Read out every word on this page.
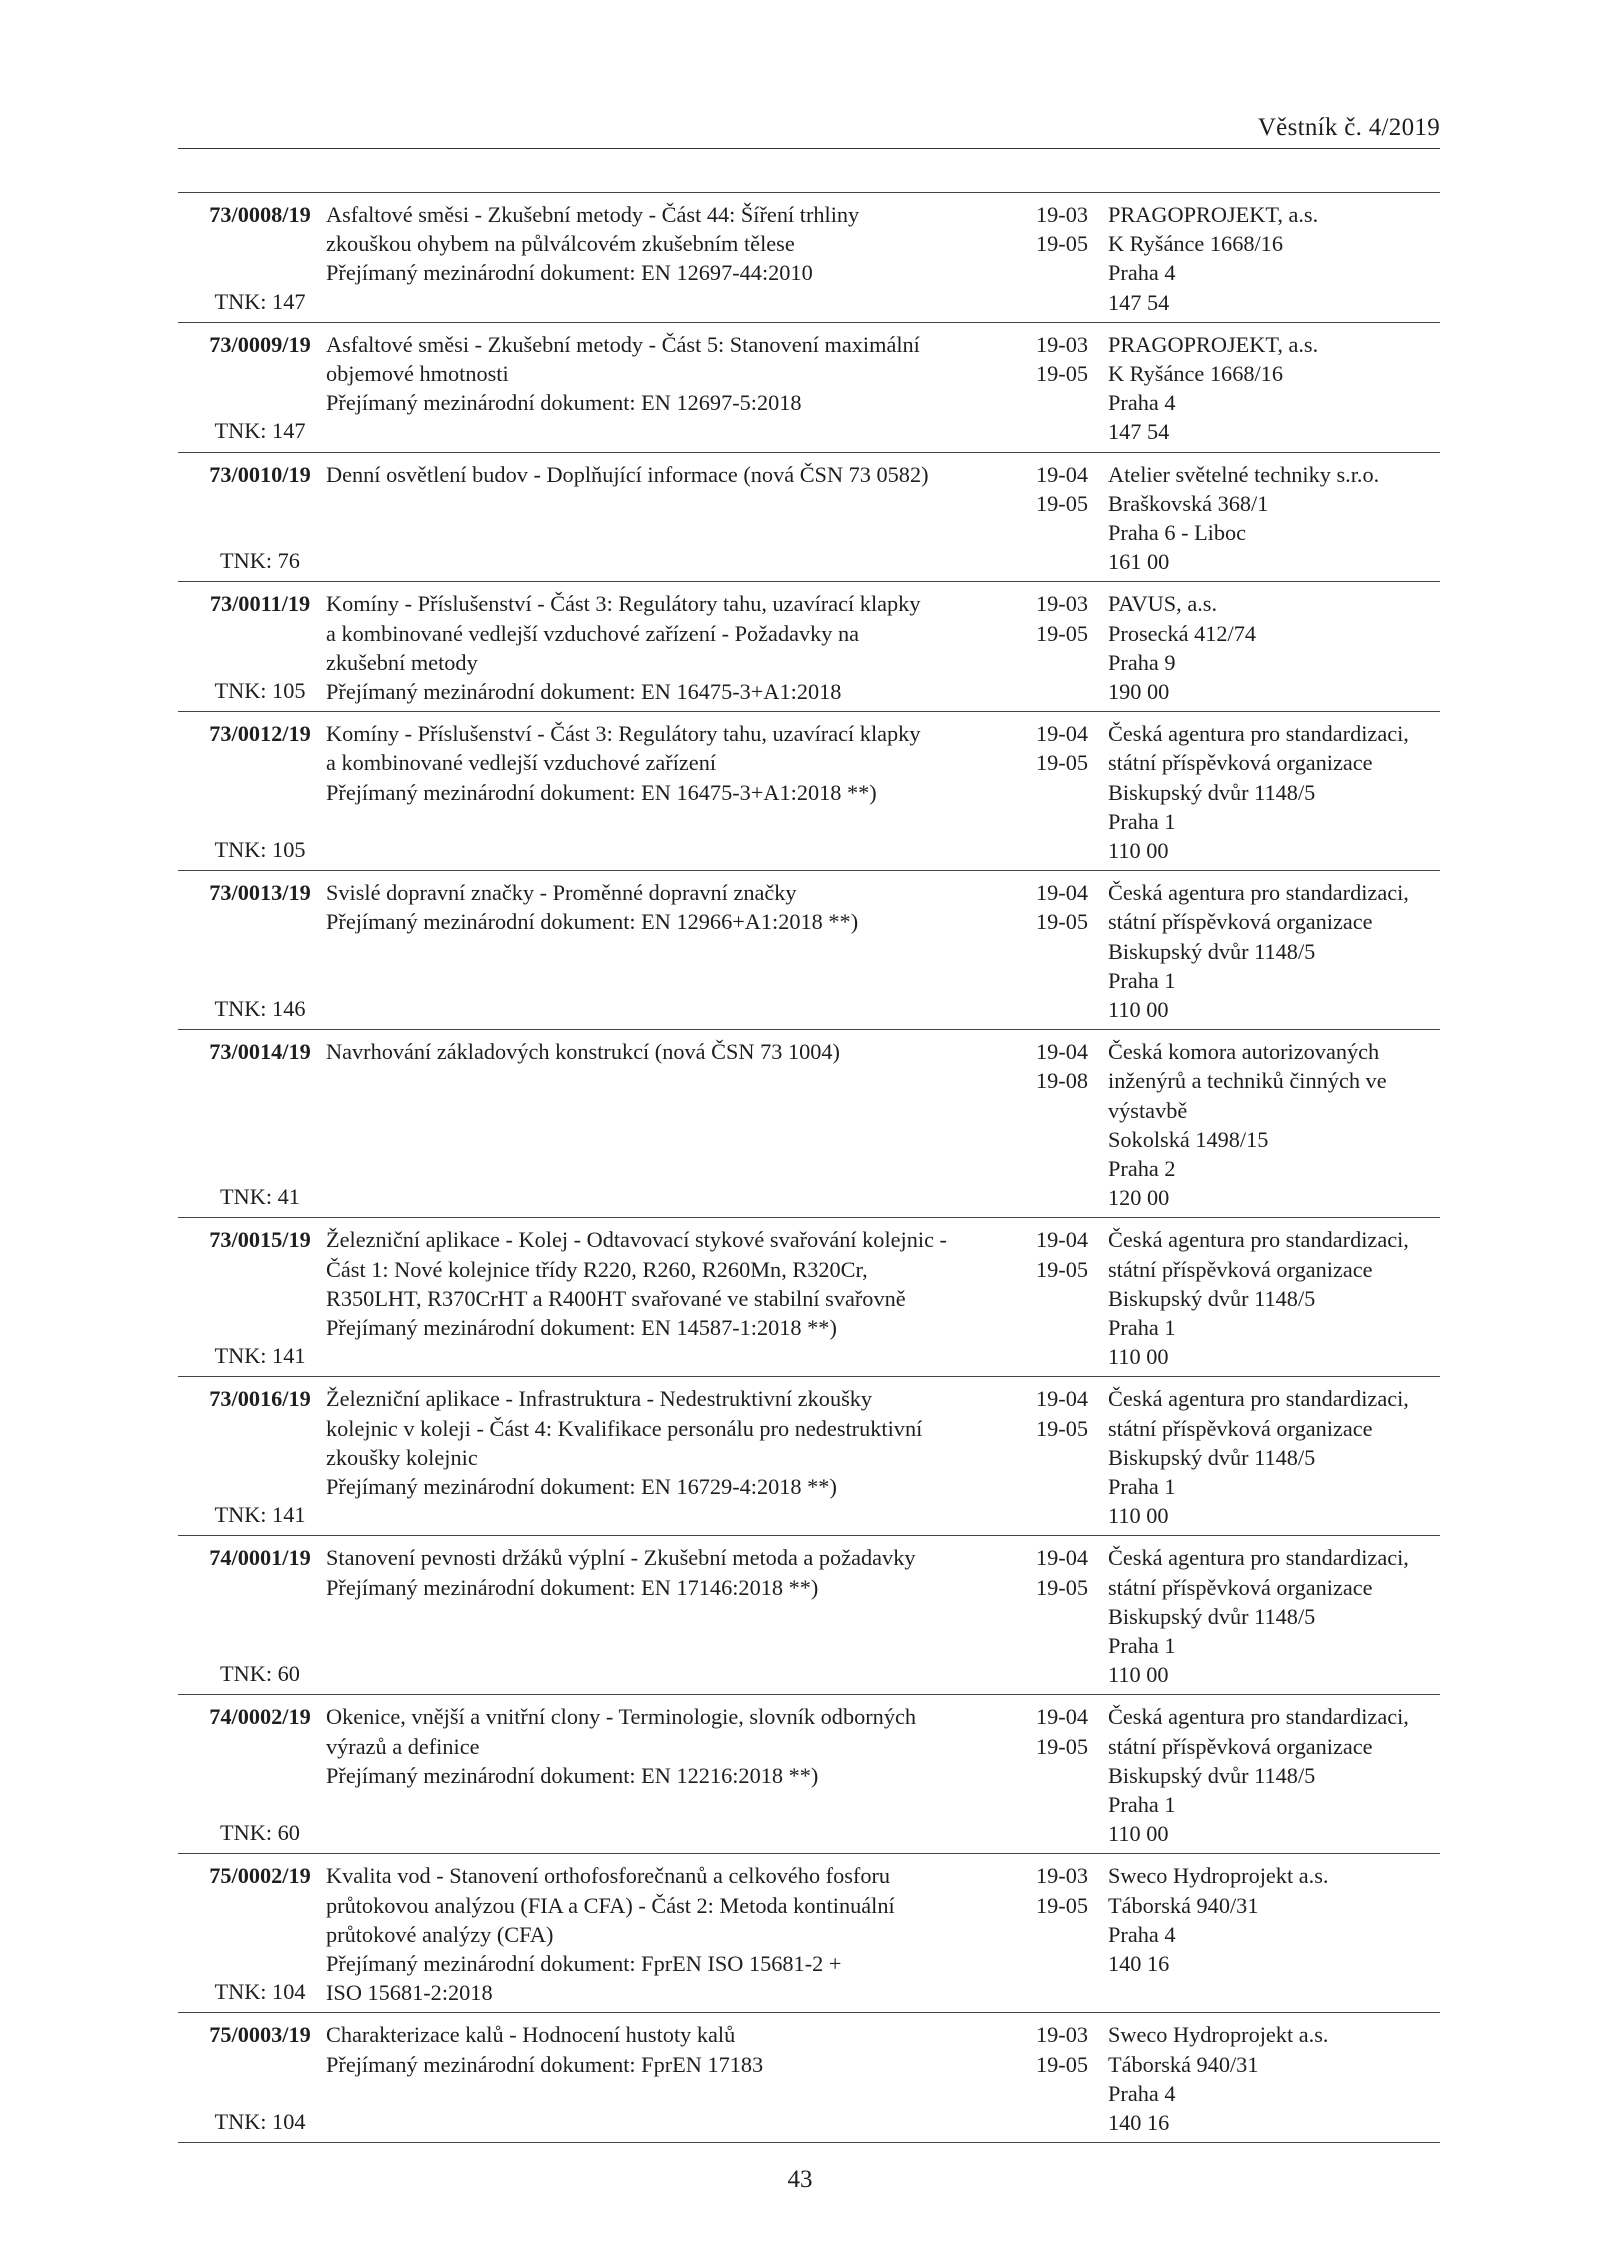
Věstník č. 4/2019
73/0008/19
TNK: 147
Asfaltové směsi - Zkušební metody - Část 44: Šíření trhliny
zkouškou ohybem na půlválcovém zkušebním tělese
Přejímaný mezinárodní dokument: EN 12697-44:2010
19-03
19-05
PRAGOPROJEKT, a.s.
K Ryšánce 1668/16
Praha 4
147 54
73/0009/19
TNK: 147
Asfaltové směsi - Zkušební metody - Část 5: Stanovení maximální
objemové hmotnosti
Přejímaný mezinárodní dokument: EN 12697-5:2018
19-03
19-05
PRAGOPROJEKT, a.s.
K Ryšánce 1668/16
Praha 4
147 54
73/0010/19
TNK: 76
Denní osvětlení budov - Doplňující informace (nová ČSN 73 0582)	19-04
19-05
Atelier světelné techniky s.r.o.
Braškovská 368/1
Praha 6 - Liboc
161 00
73/0011/19
TNK: 105
Komíny - Příslušenství - Část 3: Regulátory tahu, uzavírací klapky
a kombinované vedlejší vzduchové zařízení - Požadavky na
zkušební metody
Přejímaný mezinárodní dokument: EN 16475-3+A1:2018
19-03
19-05
PAVUS, a.s.
Prosecká 412/74
Praha 9
190 00
73/0012/19
TNK: 105
Komíny - Příslušenství - Část 3: Regulátory tahu, uzavírací klapky
a kombinované vedlejší vzduchové zařízení
Přejímaný mezinárodní dokument: EN 16475-3+A1:2018 **)
19-04
19-05
Česká agentura pro standardizaci,
státní příspěvková organizace
Biskupský dvůr 1148/5
Praha 1
110 00
73/0013/19
TNK: 146
Svislé dopravní značky - Proměnné dopravní značky
Přejímaný mezinárodní dokument: EN 12966+A1:2018 **)
19-04
19-05
Česká agentura pro standardizaci,
státní příspěvková organizace
Biskupský dvůr 1148/5
Praha 1
110 00
73/0014/19
TNK: 41
Navrhování základových konstrukcí (nová ČSN 73 1004)	19-04
19-08
Česká komora autorizovaných
inženýrů a techniků činných ve
výstavbě
Sokolská 1498/15
Praha 2
120 00
73/0015/19
TNK: 141
Železniční aplikace - Kolej - Odtavovací stykové svařování kolejnic -
Část 1: Nové kolejnice třídy R220, R260, R260Mn, R320Cr,
R350LHT, R370CrHT a R400HT svařované ve stabilní svařovně
Přejímaný mezinárodní dokument: EN 14587-1:2018 **)
19-04
19-05
Česká agentura pro standardizaci,
státní příspěvková organizace
Biskupský dvůr 1148/5
Praha 1
110 00
73/0016/19
TNK: 141
Železniční aplikace - Infrastruktura - Nedestruktivní zkoušky
kolejnic v koleji - Část 4: Kvalifikace personálu pro nedestruktivní
zkoušky kolejnic
Přejímaný mezinárodní dokument: EN 16729-4:2018 **)
19-04
19-05
Česká agentura pro standardizaci,
státní příspěvková organizace
Biskupský dvůr 1148/5
Praha 1
110 00
74/0001/19
TNK: 60
Stanovení pevnosti držáků výplní - Zkušební metoda a požadavky
Přejímaný mezinárodní dokument: EN 17146:2018 **)
19-04
19-05
Česká agentura pro standardizaci,
státní příspěvková organizace
Biskupský dvůr 1148/5
Praha 1
110 00
74/0002/19
TNK: 60
Okenice, vnější a vnitřní clony - Terminologie, slovník odborných
výrazů a definice
Přejímaný mezinárodní dokument: EN 12216:2018 **)
19-04
19-05
Česká agentura pro standardizaci,
státní příspěvková organizace
Biskupský dvůr 1148/5
Praha 1
110 00
75/0002/19
TNK: 104
Kvalita vod - Stanovení orthofosforečnanů a celkového fosforu
průtokovou analýzou (FIA a CFA) - Část 2: Metoda kontinuální
průtokové analýzy (CFA)
Přejímaný mezinárodní dokument: FprEN ISO 15681-2 +
ISO 15681-2:2018
19-03
19-05
Sweco Hydroprojekt a.s.
Táborská 940/31
Praha 4
140 16
75/0003/19
TNK: 104
Charakterizace kalů - Hodnocení hustoty kalů
Přejímaný mezinárodní dokument: FprEN 17183
19-03
19-05
Sweco Hydroprojekt a.s.
Táborská 940/31
Praha 4
140 16
43
